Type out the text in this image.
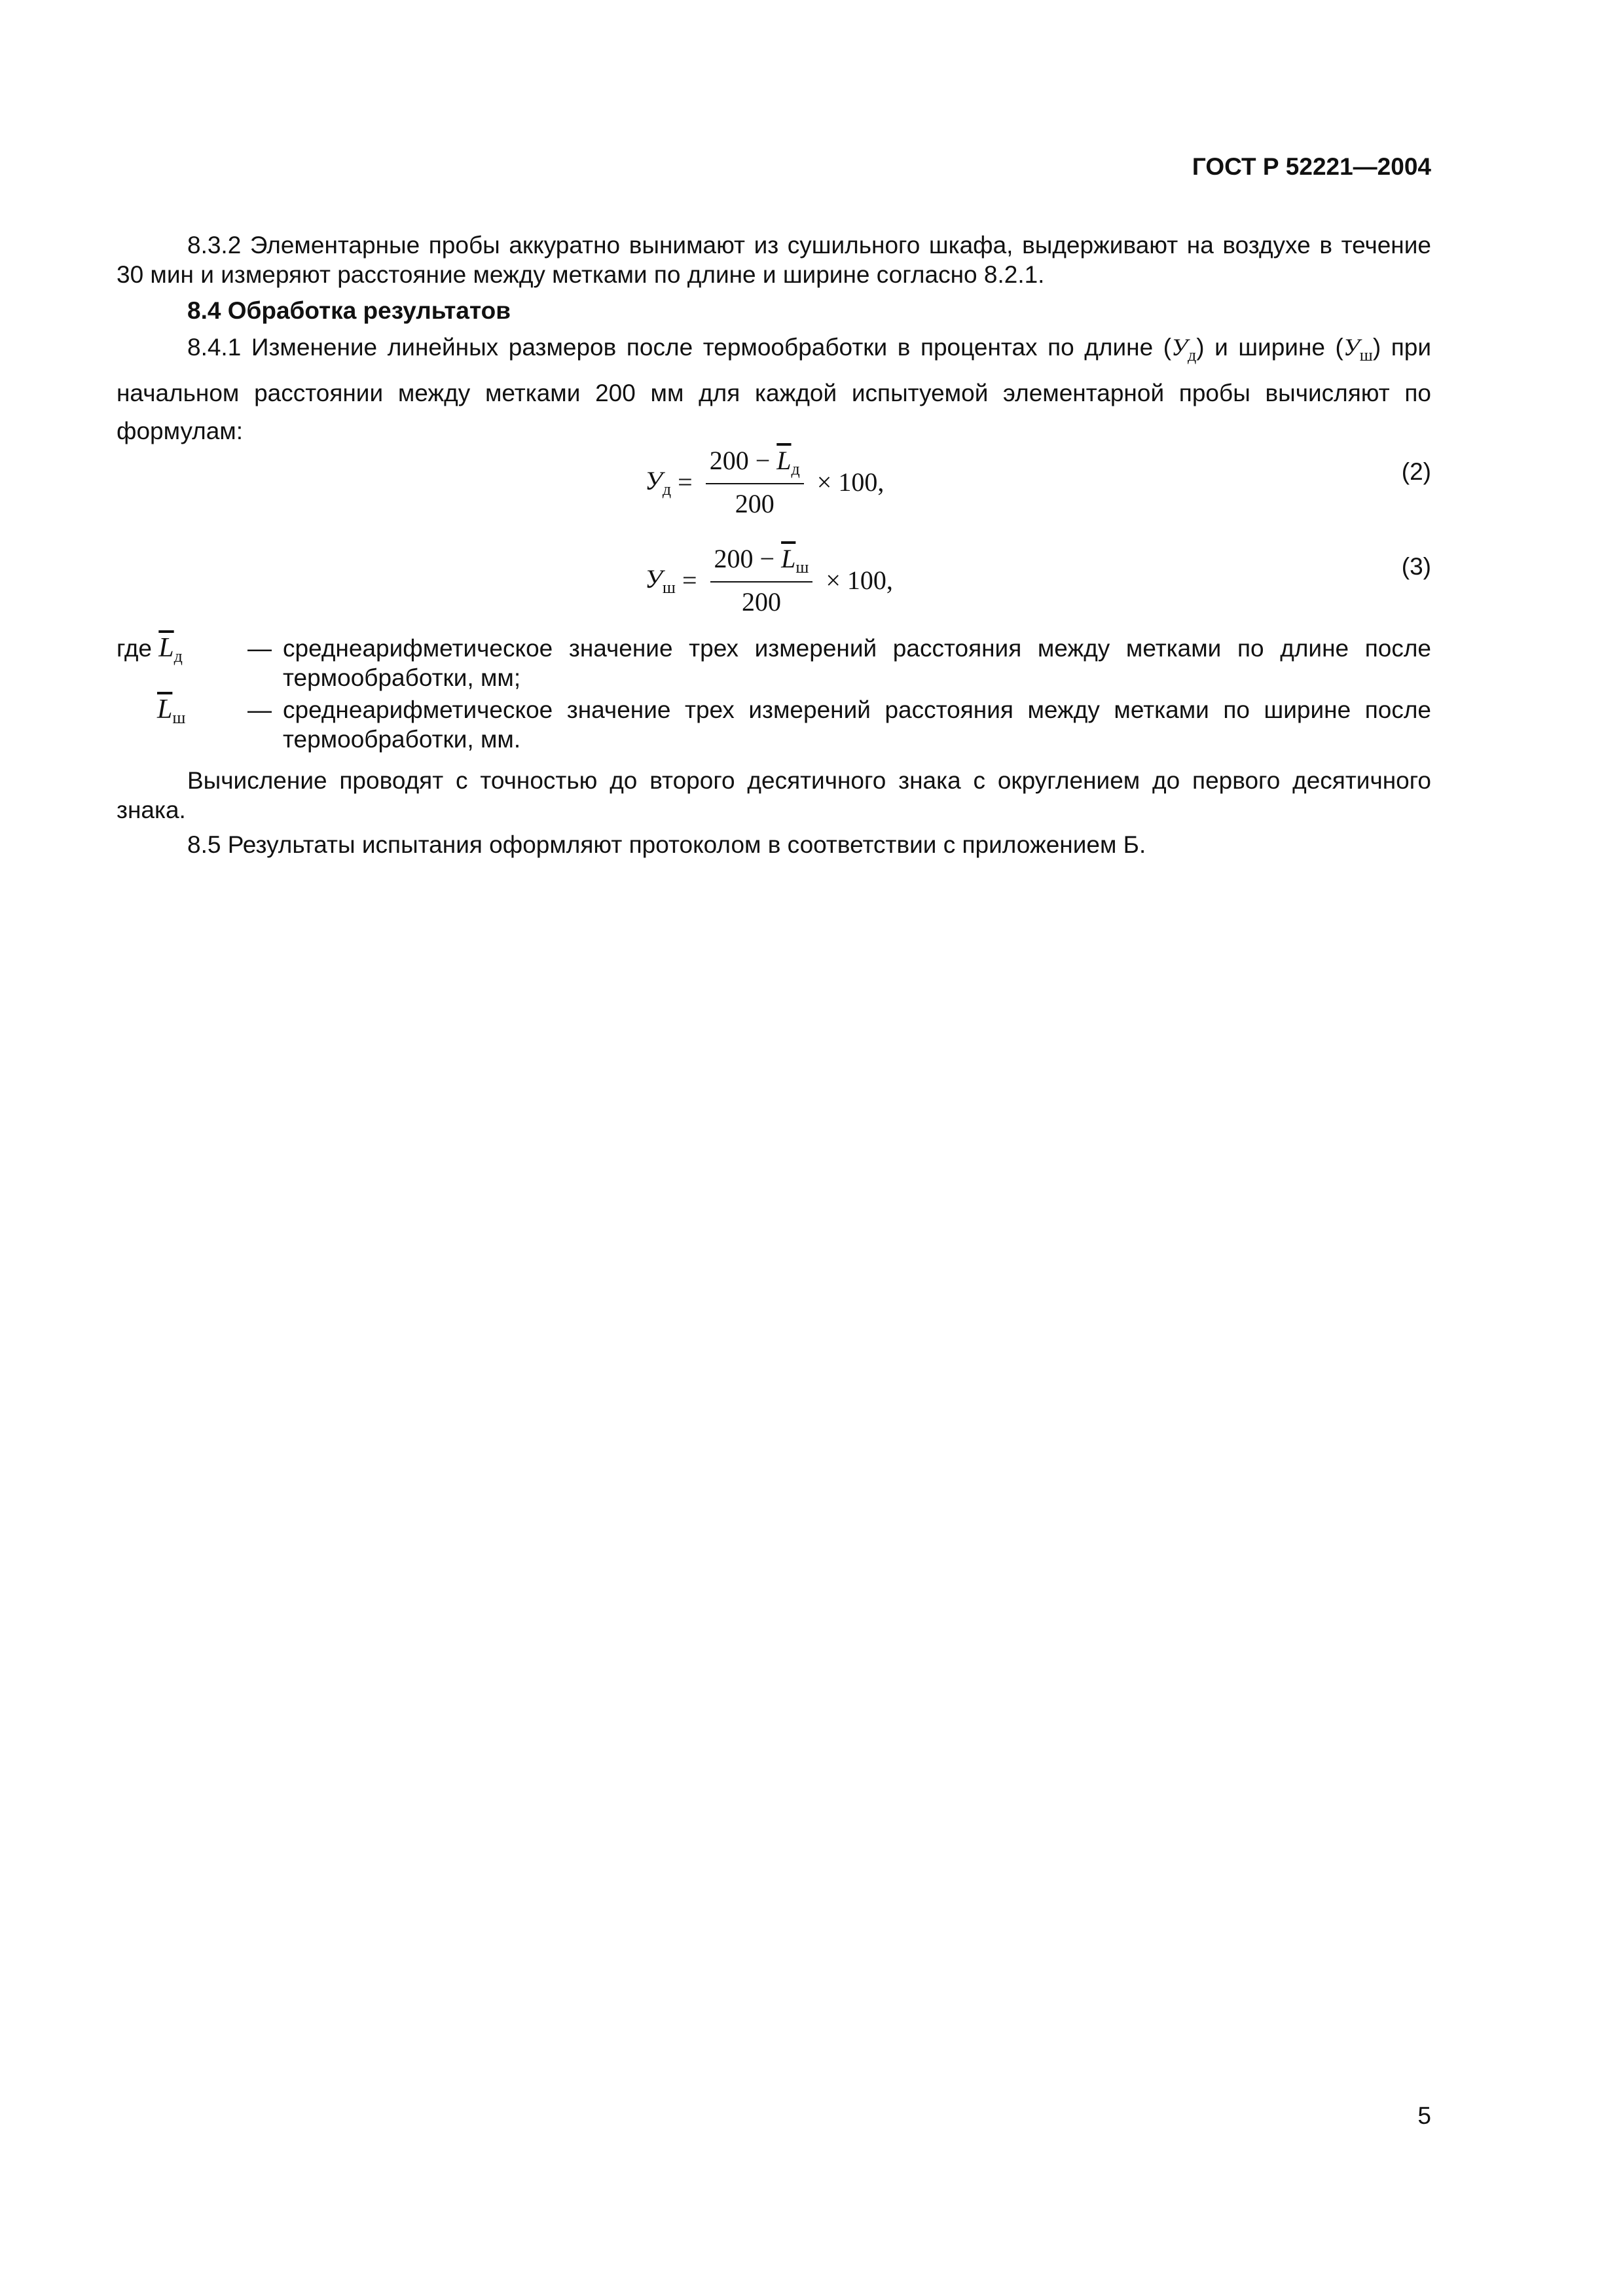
ГОСТ Р 52221—2004
8.3.2 Элементарные пробы аккуратно вынимают из сушильного шкафа, выдерживают на воздухе в течение 30 мин и измеряют расстояние между метками по длине и ширине согласно 8.2.1.
8.4 Обработка результатов
8.4.1 Изменение линейных размеров после термообработки в процентах по длине $(У_д)$ и ширине $(У_ш)$ при начальном расстоянии между метками 200 мм для каждой испытуемой элементарной пробы вычисляют по формулам:
$У_д = \frac{200 - \overline{L}_д}{200} \times 100$,	(2)
$У_ш = \frac{200 - \overline{L}_ш}{200} \times 100$,	(3)
где $\overline{L}_д$	— среднеарифметическое значение трех измерений расстояния между метками по длине после термообработки, мм;
$\overline{L}_ш$	— среднеарифметическое значение трех измерений расстояния между метками по ширине после термообработки, мм.
Вычисление проводят с точностью до второго десятичного знака с округлением до первого десятичного знака.
8.5 Результаты испытания оформляют протоколом в соответствии с приложением Б.
5
